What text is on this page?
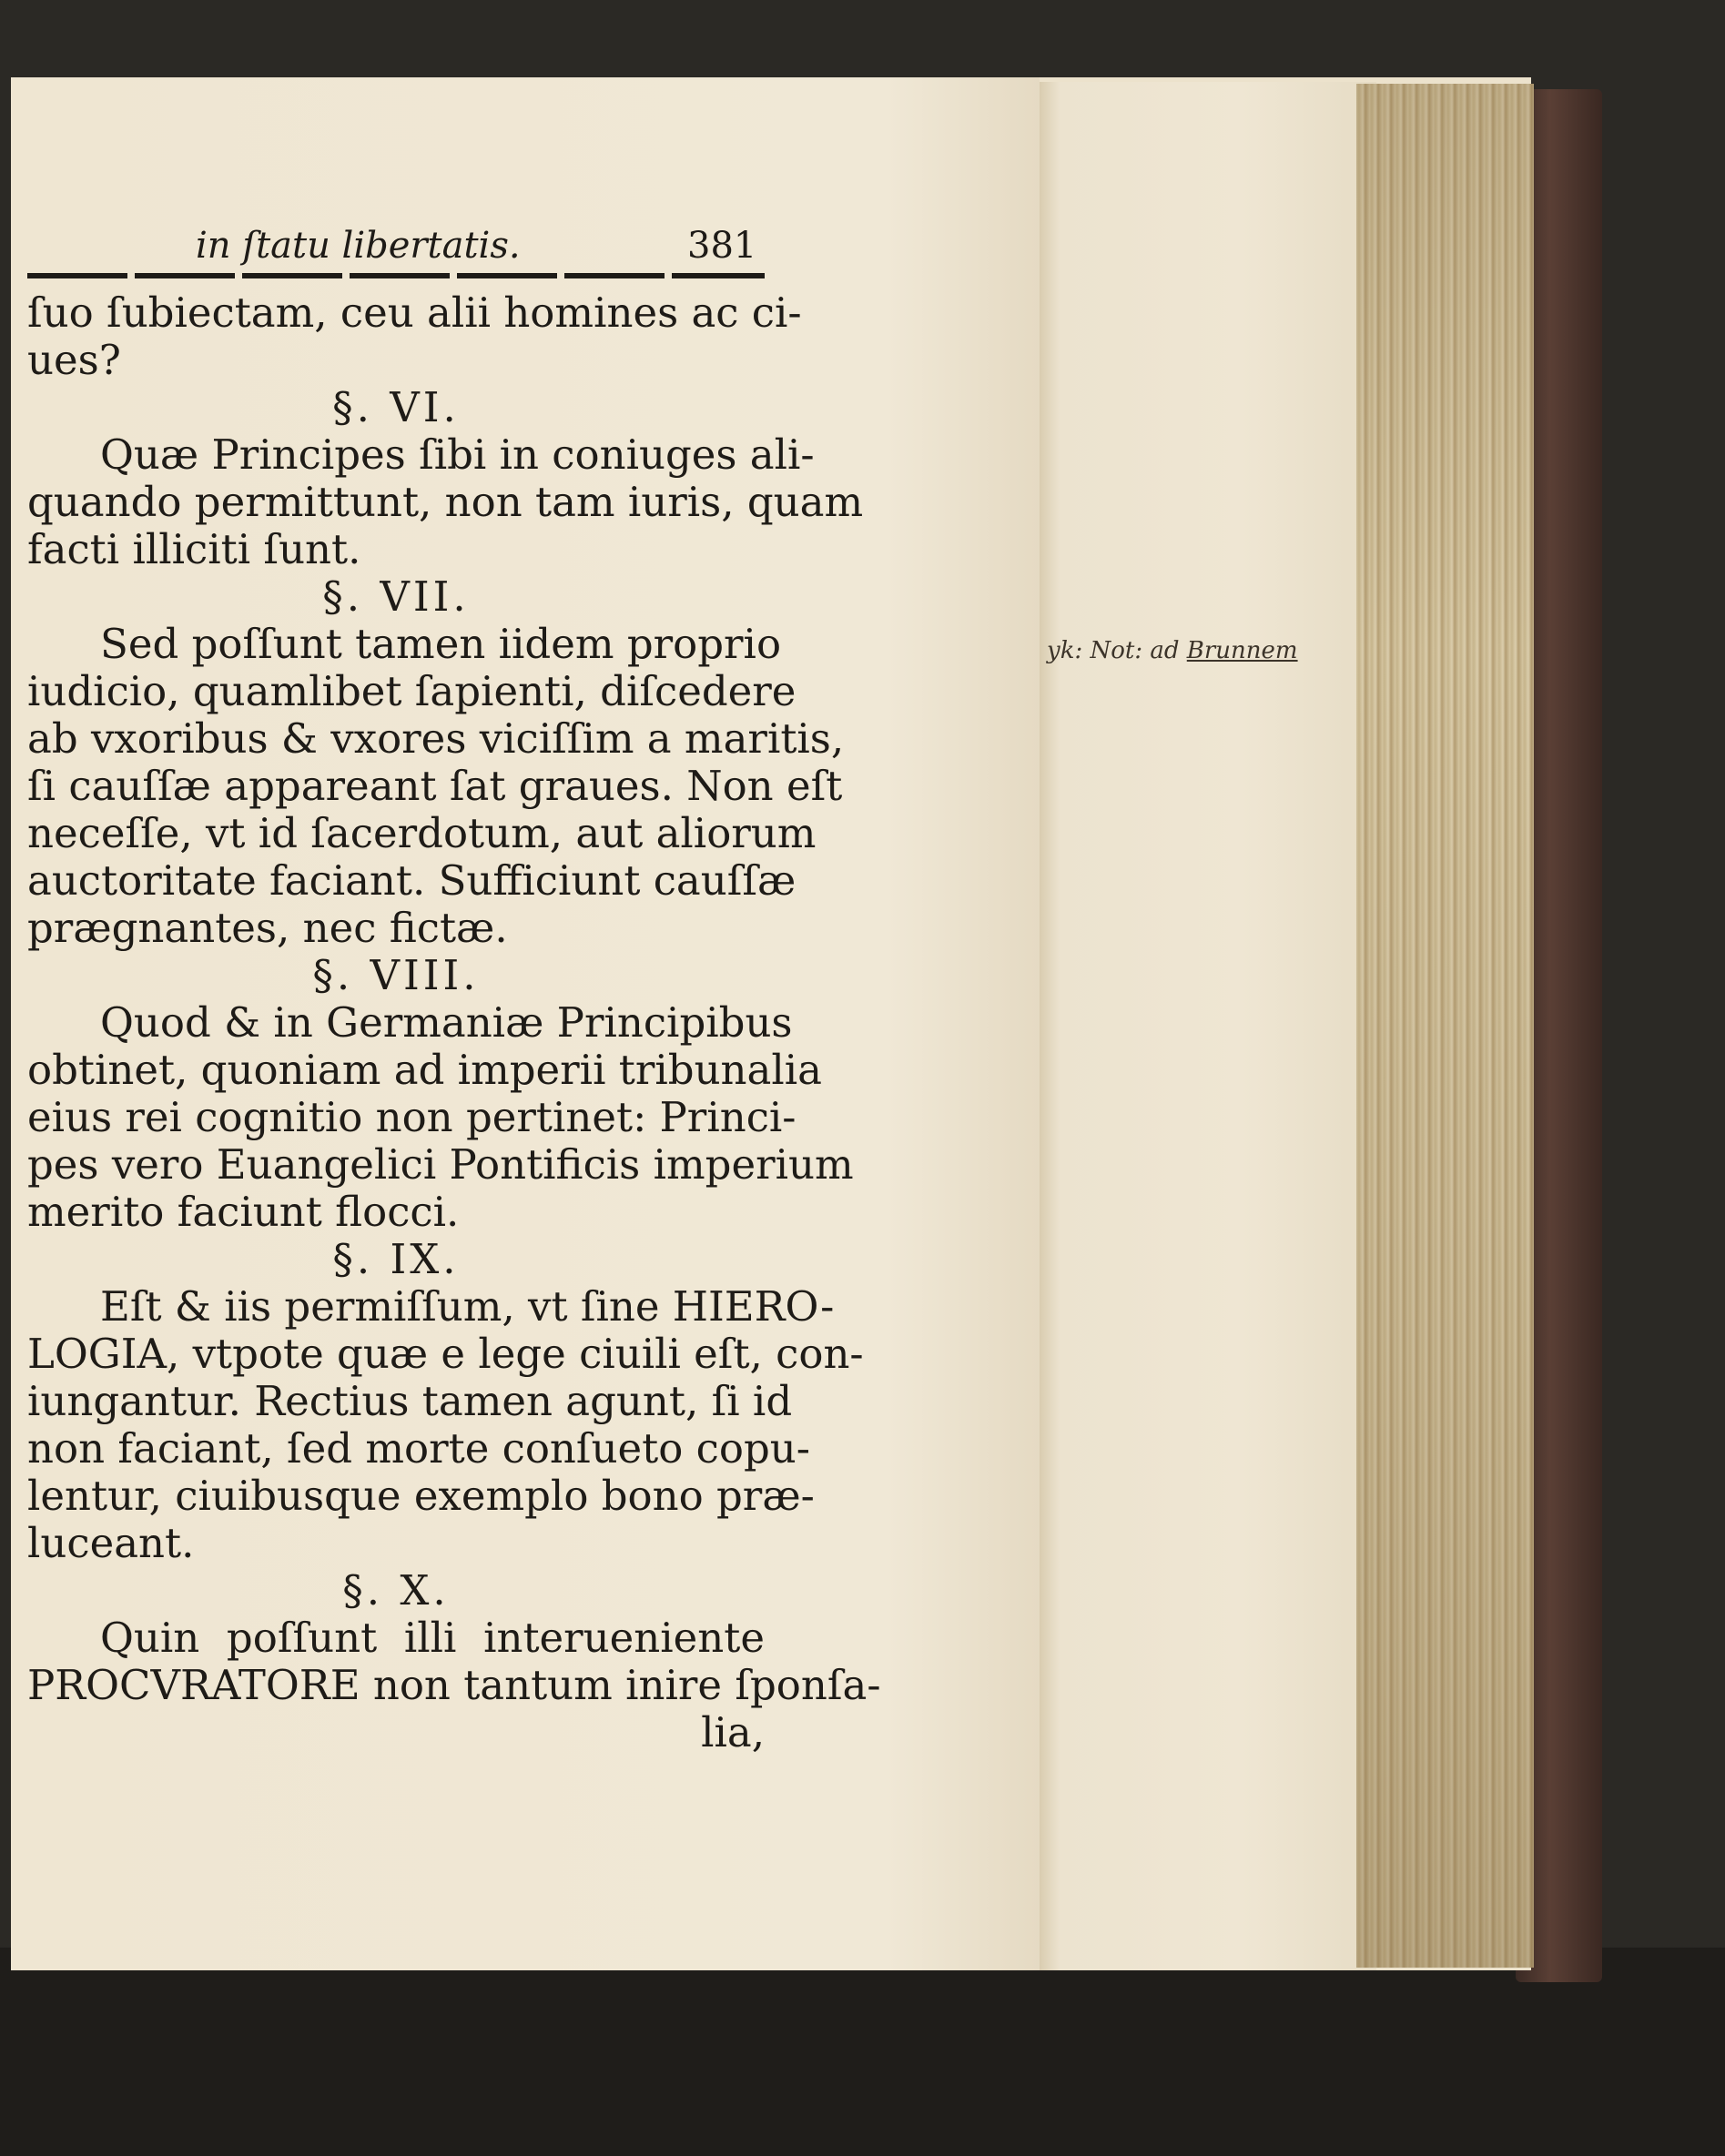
in ſtatu libertatis.	381
ſuo ſubiectam, ceu alii homines ac ci-
ues?
§. VI.
Quæ Principes ſibi in coniuges ali-
quando permittunt, non tam iuris, quam
facti illiciti ſunt.
§. VII.
Sed poſſunt tamen iidem proprio
iudicio, quamlibet ſapienti, diſcedere
ab vxoribus & vxores viciſſim a maritis,
ſi cauſſæ appareant ſat graues. Non eſt
neceſſe, vt id ſacerdotum, aut aliorum
auctoritate faciant. Sufficiunt cauſſæ
prægnantes, nec fictæ.
§. VIII.
Quod & in Germaniæ Principibus
obtinet, quoniam ad imperii tribunalia
eius rei cognitio non pertinet: Princi-
pes vero Euangelici Pontificis imperium
merito faciunt flocci.
§. IX.
Eſt & iis permiſſum, vt ſine HIERO-
LOGIA, vtpote quæ e lege ciuili eſt, con-
iungantur. Rectius tamen agunt, ſi id
non faciant, ſed morte conſueto copu-
lentur, ciuibusque exemplo bono præ-
luceant.
§. X.
Quin poſſunt illi interueniente
PROCVRATORE non tantum inire ſponſa-
lia,
yk: Not: ad Brunnem
